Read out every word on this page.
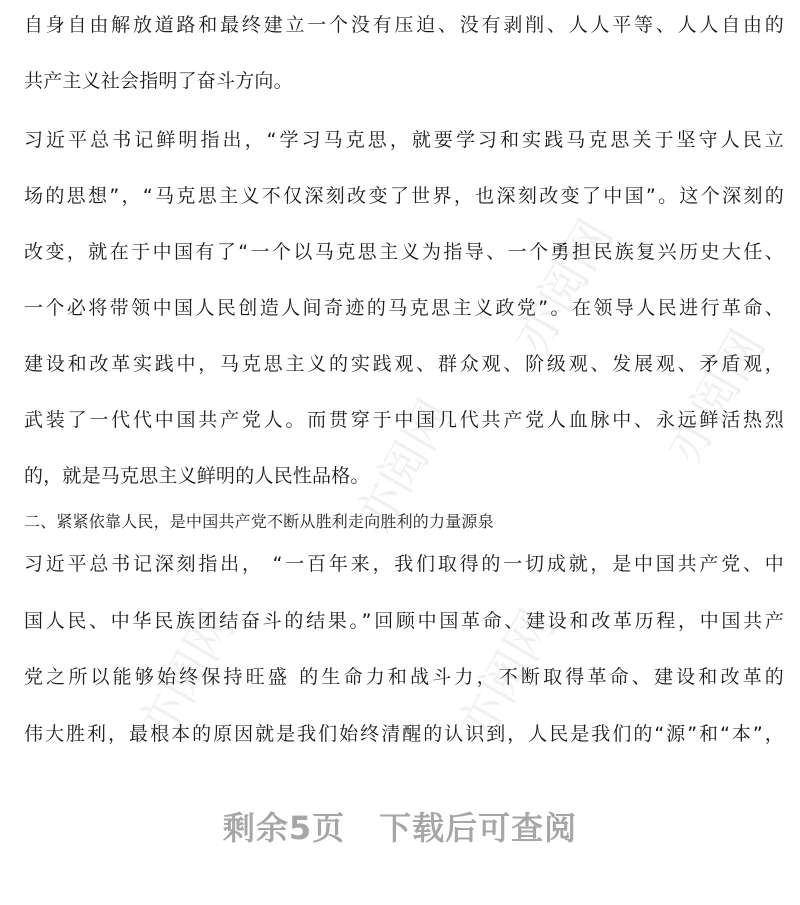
亦阅网
亦阅网
亦阅网	亦阅网
亦阅网
自身自由解放道路和最终建立一个没有压迫、没有剥削、人人平等、人人自由的
共产主义社会指明了奋斗方向。
习近平总书记鲜明指出，“学习马克思，就要学习和实践马克思关于坚守人民立
场的思想”，“马克思主义不仅深刻改变了世界，也深刻改变了中国”。这个深刻的
改变，就在于中国有了“一个以马克思主义为指导、一个勇担民族复兴历史大任、
一个必将带领中国人民创造人间奇迹的马克思主义政党”。在领导人民进行革命、
建设和改革实践中，马克思主义的实践观、群众观、阶级观、发展观、矛盾观，
武装了一代代中国共产党人。而贯穿于中国几代共产党人血脉中、永远鲜活热烈
的，就是马克思主义鲜明的人民性品格。
二、紧紧依靠人民，是中国共产党不断从胜利走向胜利的力量源泉
习近平总书记深刻指出， “一百年来，我们取得的一切成就，是中国共产党、中
国人民、中华民族团结奋斗的结果。”回顾中国革命、建设和改革历程，中国共产
党之所以能够始终保持旺盛 的生命力和战斗力，不断取得革命、建设和改革的
伟大胜利，最根本的原因就是我们始终清醒的认识到，人民是我们的“源”和“本”，
剩余5页 下载后可查阅
